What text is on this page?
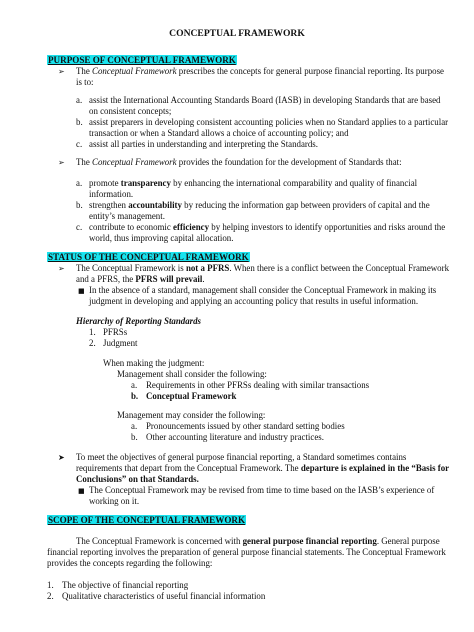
CONCEPTUAL FRAMEWORK
PURPOSE OF CONCEPTUAL FRAMEWORK
➢ The Conceptual Framework prescribes the concepts for general purpose financial reporting. Its purpose
is to:
a. assist the International Accounting Standards Board (IASB) in developing Standards that are based
on consistent concepts;
b. assist preparers in developing consistent accounting policies when no Standard applies to a particular
transaction or when a Standard allows a choice of accounting policy; and
c. assist all parties in understanding and interpreting the Standards.
➢ The Conceptual Framework provides the foundation for the development of Standards that:
a. promote transparency by enhancing the international comparability and quality of financial
information.
b. strengthen accountability by reducing the information gap between providers of capital and the
entity’s management.
c. contribute to economic efficiency by helping investors to identify opportunities and risks around the
world, thus improving capital allocation.
STATUS OF THE CONCEPTUAL FRAMEWORK
➢ The Conceptual Framework is not a PFRS. When there is a conflict between the Conceptual Framework
and a PFRS, the PFRS will prevail.
■ In the absence of a standard, management shall consider the Conceptual Framework in making its
judgment in developing and applying an accounting policy that results in useful information.
Hierarchy of Reporting Standards
1. PFRSs
2. Judgment
When making the judgment:
Management shall consider the following:
a. Requirements in other PFRSs dealing with similar transactions
b. Conceptual Framework
Management may consider the following:
a. Pronouncements issued by other standard setting bodies
b. Other accounting literature and industry practices.
➤ To meet the objectives of general purpose financial reporting, a Standard sometimes contains
requirements that depart from the Conceptual Framework. The departure is explained in the “Basis for
Conclusions” on that Standards.
■ The Conceptual Framework may be revised from time to time based on the IASB’s experience of
working on it.
SCOPE OF THE CONCEPTUAL FRAMEWORK
The Conceptual Framework is concerned with general purpose financial reporting. General purpose
financial reporting involves the preparation of general purpose financial statements. The Conceptual Framework
provides the concepts regarding the following:
1. The objective of financial reporting
2. Qualitative characteristics of useful financial information
